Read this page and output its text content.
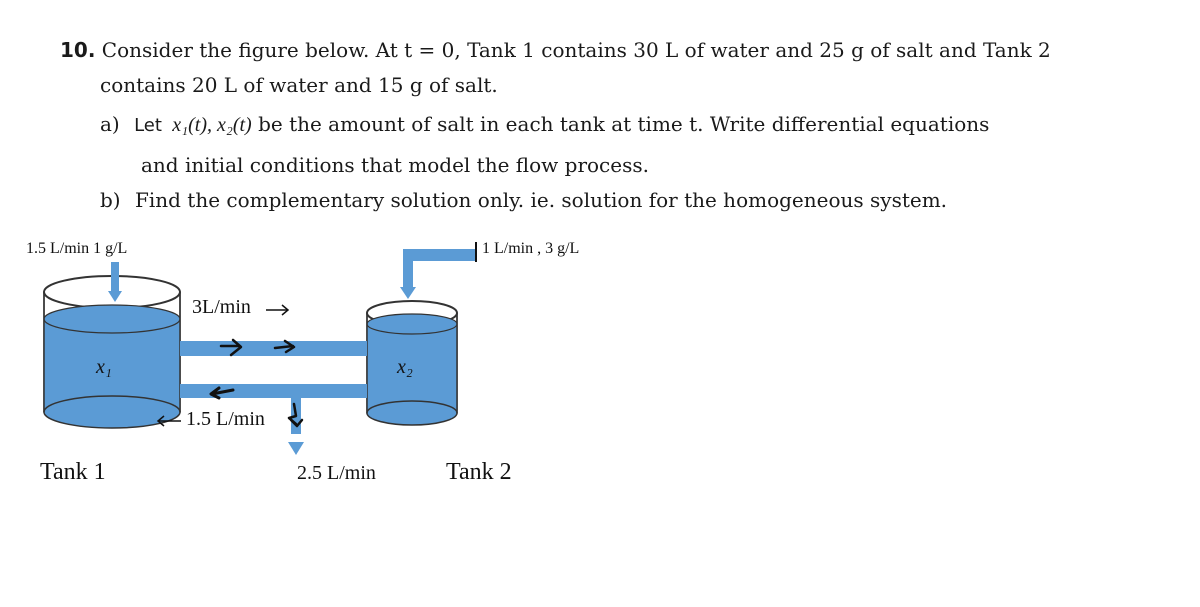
10. Consider the figure below. At t = 0, Tank 1 contains 30 L of water and 25 g of salt and Tank 2
contains 20 L of water and 15 g of salt.
a) Let x₁(t), x₂(t) be the amount of salt in each tank at time t. Write differential equations
and initial conditions that model the flow process.
b) Find the complementary solution only. ie. solution for the homogeneous system.
1.5 L/min 1 g/L	1 L/min , 3 g/L
3L/min
1.5 L/min
2.5 L/min
x₁	x₂
Tank 1	Tank 2
